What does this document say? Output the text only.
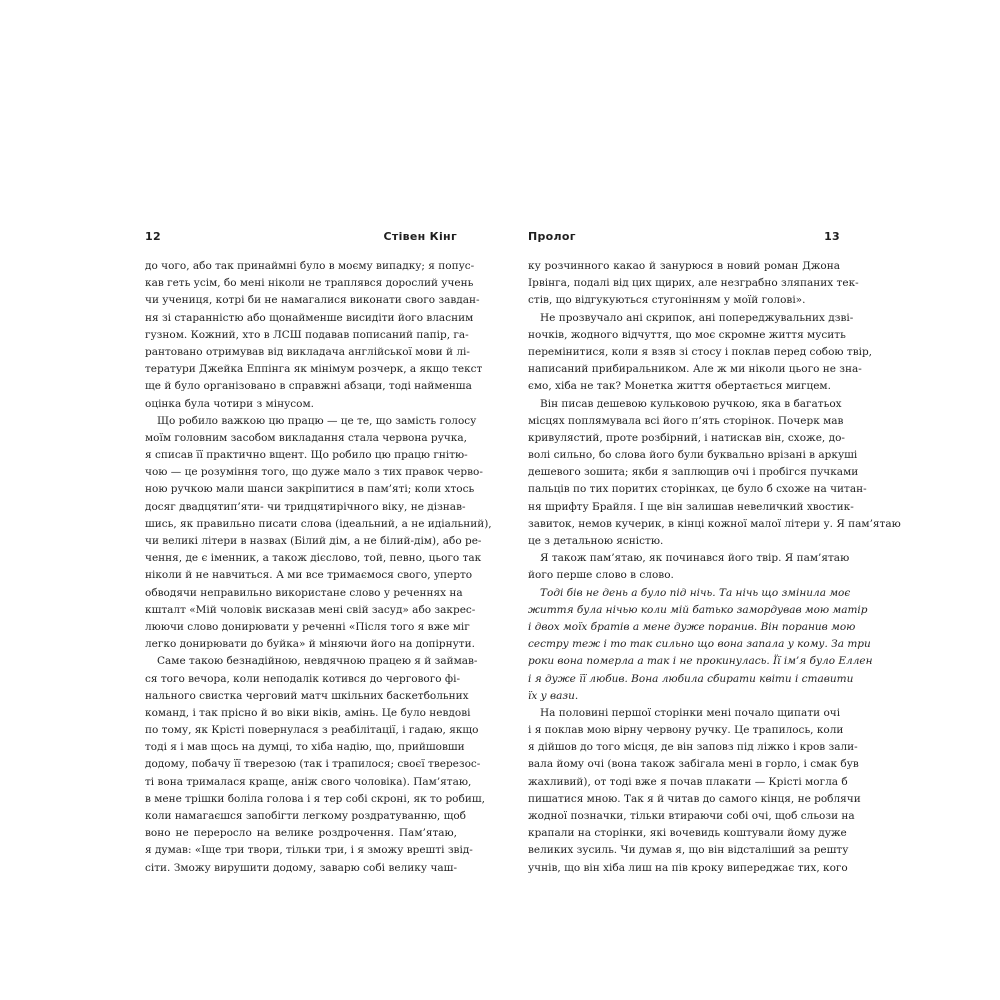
12	Стівен Кінг
до чого, або так принаймні було в моєму випадку; я попус-
кав геть усім, бо мені ніколи не траплявся дорослий учень
чи учениця, котрі би не намагалися виконати свого завдан-
ня зі старанністю або щонайменше висидіти його власним
гузном. Кожний, хто в ЛСШ подавав пописаний папір, га-
рантовано отримував від викладача англійської мови й лі-
тератури Джейка Еппінга як мінімум розчерк, а якщо текст
ще й було організовано в справжні абзаци, тоді найменша
оцінка була чотири з мінусом.
Що робило важкою цю працю — це те, що замість голосу
моїм головним засобом викладання стала червона ручка,
я списав її практично вщент. Що робило цю працю гнітю-
чою — це розуміння того, що дуже мало з тих правок черво-
ною ручкою мали шанси закріпитися в пам’яті; коли хтось
досяг двадцятип’яти- чи тридцятирічного віку, не дізнав-
шись, як правильно писати слова (ідеальний, а не идіальний),
чи великі літери в назвах (Білий дім, а не білий-дім), або ре-
чення, де є іменник, а також дієслово, той, певно, цього так
ніколи й не навчиться. А ми все тримаємося свого, уперто
обводячи неправильно використане слово у реченнях на
кшталт «Мій чоловік висказав мені свій засуд» або закрес-
люючи слово донирювати у реченні «Після того я вже міг
легко донирювати до буйка» й міняючи його на допірнути.
Саме такою безнадійною, невдячною працею я й займав-
ся того вечора, коли неподалік котився до чергового фі-
нального свистка черговий матч шкільних баскетбольних
команд, і так прісно й во віки віків, амінь. Це було невдові
по тому, як Крісті повернулася з реабілітації, і гадаю, якщо
тоді я і мав щось на думці, то хіба надію, що, прийшовши
додому, побачу її тверезою (так і трапилося; своєї тверезос-
ті вона трималася краще, аніж свого чоловіка). Пам’ятаю,
в мене трішки боліла голова і я тер собі скроні, як то робиш,
коли намагаєшся запобігти легкому роздратуванню, щоб
воно не переросло на велике роздрочення. Пам’ятаю,
я думав: «Іще три твори, тільки три, і я зможу врешті звід-
сіти. Зможу вирушити додому, заварю собі велику чаш-
Пролог	13
ку розчинного какао й занурюся в новий роман Джона
Ірвінга, подалі від цих щирих, але незграбно зляпаних тек-
стів, що відгукуються стугонінням у моїй голові».
Не прозвучало ані скрипок, ані попереджувальних дзві-
ночків, жодного відчуття, що моє скромне життя мусить
перемінитися, коли я взяв зі стосу і поклав перед собою твір,
написаний прибиральником. Але ж ми ніколи цього не зна-
ємо, хіба не так? Монетка життя обертається мигцем.
Він писав дешевою кульковою ручкою, яка в багатьох
місцях поплямувала всі його п’ять сторінок. Почерк мав
кривулястий, проте розбірний, і натискав він, схоже, до-
волі сильно, бо слова його були буквально врізані в аркуші
дешевого зошита; якби я заплющив очі і пробігся пучками
пальців по тих поритих сторінках, це було б схоже на читан-
ня шрифту Брайля. І ще він залишав невеличкий хвостик-
завиток, немов кучерик, в кінці кожної малої літери у. Я пам’ятаю
це з детальною ясністю.
Я також пам’ятаю, як починався його твір. Я пам’ятаю
його перше слово в слово.
Тоді бів не день а було під нічь. Та нічь що змінила моє
життя була нічью коли мій батько замордував мою матір
і двох моїх братів а мене дуже поранив. Він поранив мою
сестру теж і то так сильно що вона запала у кому. За три
роки вона померла а так і не прокинулась. Її ім’я було Еллен
і я дуже її любив. Вона любила сбирати квіти і ставити
їх у вази.
На половині першої сторінки мені почало щипати очі
і я поклав мою вірну червону ручку. Це трапилось, коли
я дійшов до того місця, де він заповз під ліжко і кров зали-
вала йому очі (вона також забігала мені в горло, і смак був
жахливий), от тоді вже я почав плакати — Крісті могла б
пишатися мною. Так я й читав до самого кінця, не роблячи
жодної позначки, тільки втираючи собі очі, щоб сльози на
крапали на сторінки, які вочевидь коштували йому дуже
великих зусиль. Чи думав я, що він відсталіший за решту
учнів, що він хіба лиш на пів кроку випереджає тих, кого
